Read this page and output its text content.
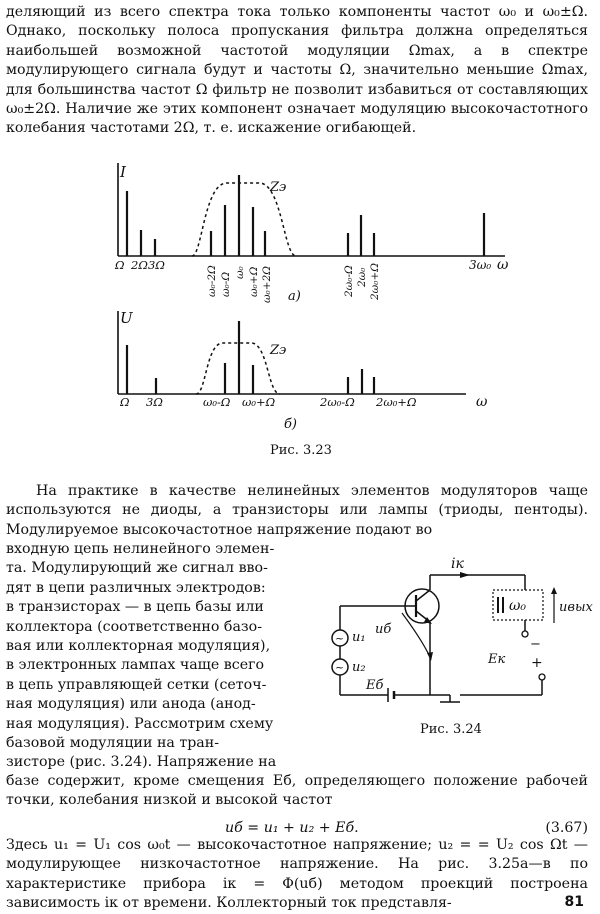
деляющий из всего спектра тока только компоненты частот ω₀ и ω₀±Ω. Однако, поскольку полоса пропускания фильтра должна определяться наибольшей возможной частотой модуляции Ωmax, а в спектре модулирующего сигнала будут и частоты Ω, значительно меньшие Ωmax, для большинства частот Ω фильтр не позволит избавиться от составляющих ω₀±2Ω. Наличие же этих компонент означает модуляцию высокочастотного колебания частотами 2Ω, т. е. искажение огибающей.

I
Zэ
Ω 2Ω 3Ω
ω₀-2Ω ω₀-Ω ω₀ ω₀+Ω ω₀+2Ω	2ω₀-Ω 2ω₀ 2ω₀+Ω	3ω₀ ω
а)
U
Zэ
Ω 3Ω	ω₀-Ω ω₀+Ω	2ω₀-Ω 2ω₀+Ω	ω
б)
Рис. 3.23

На практике в качестве нелинейных элементов модуляторов чаще используются не диоды, а транзисторы или лампы (триоды, пентоды). Модулируемое высокочастотное напряжение подают во

входную цепь нелинейного элемен-
та. Модулирующий же сигнал вво-
дят в цепи различных электродов:
в транзисторах — в цепь базы или
коллектора (соответственно базо-
вая или коллекторная модуляция),
в электронных лампах чаще всего
в цепь управляющей сетки (сеточ-
ная модуляция) или анода (анод-
ная модуляция). Рассмотрим схему
базовой модуляции на тран-
зисторе (рис. 3.24). Напряжение на
~ u₁
~ u₂
Eб
uб
iк
ω₀	uвых
−
Eк +
Рис. 3.24

базе содержит, кроме смещения Eб, определяющего положение рабочей точки, колебания низкой и высокой частот

uб = u₁ + u₂ + Eб.	(3.67)

Здесь u₁ = U₁ cos ω₀t — высокочастотное напряжение; u₂ = = U₂ cos Ωt — модулирующее низкочастотное напряжение. На рис. 3.25а—в по характеристике прибора iк = Φ(uб) методом проекций построена зависимость iк от времени. Коллекторный ток представля-	81
